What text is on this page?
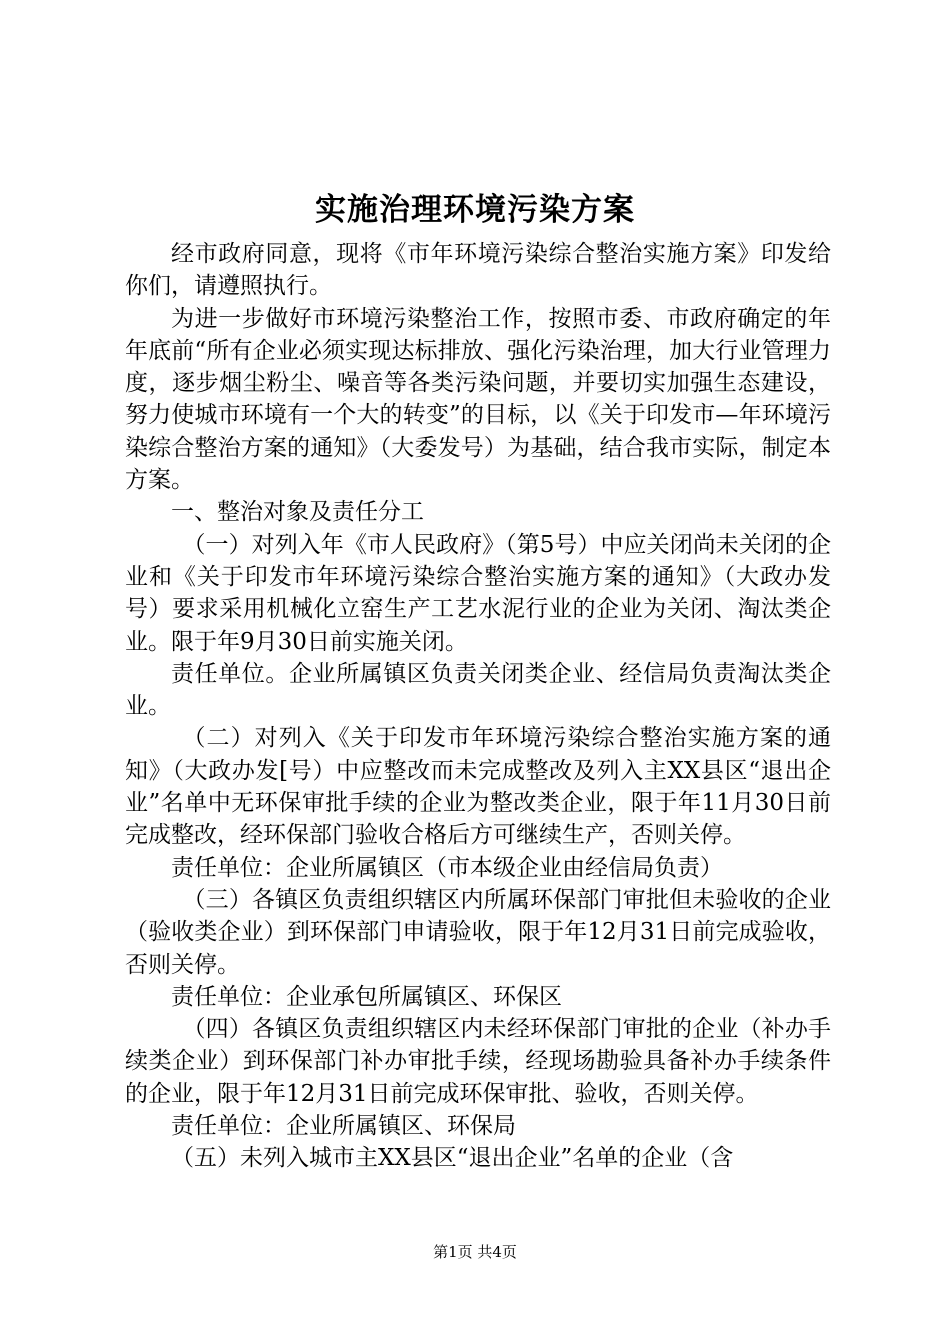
实施治理环境污染方案

经市政府同意，现将《市年环境污染综合整治实施方案》印发给你们，请遵照执行。

为进一步做好市环境污染整治工作，按照市委、市政府确定的年年底前“所有企业必须实现达标排放、强化污染治理，加大行业管理力度，逐步烟尘粉尘、噪音等各类污染问题，并要切实加强生态建设，努力使城市环境有一个大的转变”的目标，以《关于印发市—年环境污染综合整治方案的通知》（大委发号）为基础，结合我市实际，制定本方案。

一、整治对象及责任分工

（一）对列入年《市人民政府》（第5号）中应关闭尚未关闭的企业和《关于印发市年环境污染综合整治实施方案的通知》（大政办发号）要求采用机械化立窑生产工艺水泥行业的企业为关闭、淘汰类企业。限于年9月30日前实施关闭。

责任单位。企业所属镇区负责关闭类企业、经信局负责淘汰类企业。

（二）对列入《关于印发市年环境污染综合整治实施方案的通知》（大政办发[号）中应整改而未完成整改及列入主XX县区“退出企业”名单中无环保审批手续的企业为整改类企业，限于年11月30日前完成整改，经环保部门验收合格后方可继续生产，否则关停。

责任单位：企业所属镇区（市本级企业由经信局负责）

（三）各镇区负责组织辖区内所属环保部门审批但未验收的企业（验收类企业）到环保部门申请验收，限于年12月31日前完成验收，否则关停。

责任单位：企业承包所属镇区、环保区

（四）各镇区负责组织辖区内未经环保部门审批的企业（补办手续类企业）到环保部门补办审批手续，经现场勘验具备补办手续条件的企业，限于年12月31日前完成环保审批、验收，否则关停。

责任单位：企业所属镇区、环保局

（五）未列入城市主XX县区“退出企业”名单的企业（含

第1页 共4页
